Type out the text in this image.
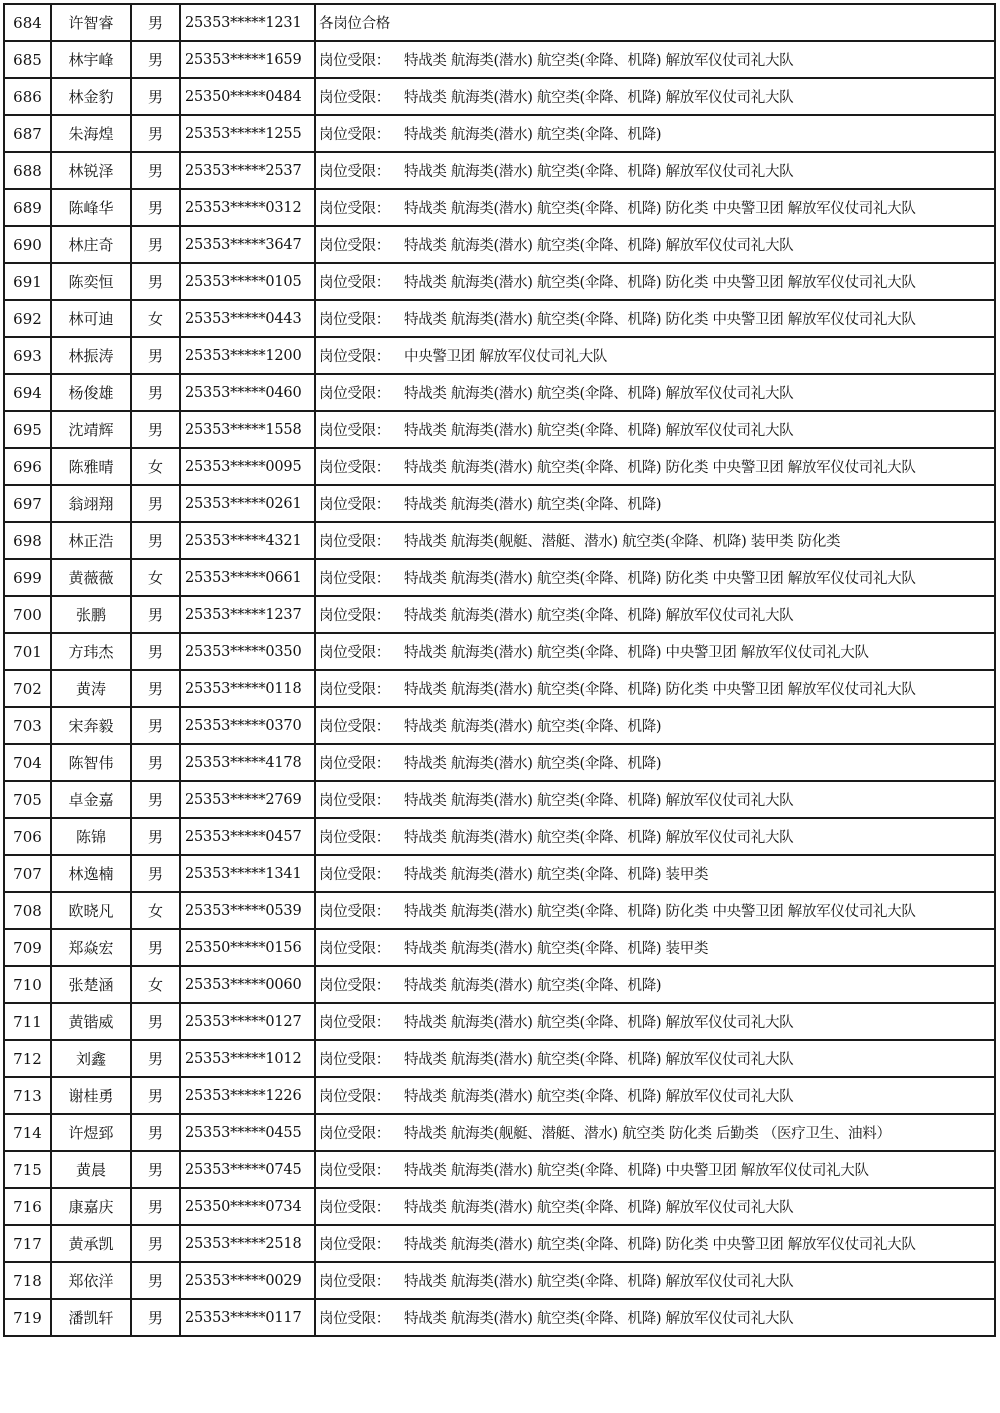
684	许智睿	男	25353*****1231	各岗位合格
685	林宇峰	男	25353*****1659	岗位受限： 特战类 航海类(潜水) 航空类(伞降、机降) 解放军仪仗司礼大队
686	林金豹	男	25350*****0484	岗位受限： 特战类 航海类(潜水) 航空类(伞降、机降) 解放军仪仗司礼大队
687	朱海煌	男	25353*****1255	岗位受限： 特战类 航海类(潜水) 航空类(伞降、机降)
688	林锐泽	男	25353*****2537	岗位受限： 特战类 航海类(潜水) 航空类(伞降、机降) 解放军仪仗司礼大队
689	陈峰华	男	25353*****0312	岗位受限： 特战类 航海类(潜水) 航空类(伞降、机降) 防化类 中央警卫团 解放军仪仗司礼大队
690	林庄奇	男	25353*****3647	岗位受限： 特战类 航海类(潜水) 航空类(伞降、机降) 解放军仪仗司礼大队
691	陈奕恒	男	25353*****0105	岗位受限： 特战类 航海类(潜水) 航空类(伞降、机降) 防化类 中央警卫团 解放军仪仗司礼大队
692	林可迪	女	25353*****0443	岗位受限： 特战类 航海类(潜水) 航空类(伞降、机降) 防化类 中央警卫团 解放军仪仗司礼大队
693	林振涛	男	25353*****1200	岗位受限： 中央警卫团 解放军仪仗司礼大队
694	杨俊雄	男	25353*****0460	岗位受限： 特战类 航海类(潜水) 航空类(伞降、机降) 解放军仪仗司礼大队
695	沈靖辉	男	25353*****1558	岗位受限： 特战类 航海类(潜水) 航空类(伞降、机降) 解放军仪仗司礼大队
696	陈雅晴	女	25353*****0095	岗位受限： 特战类 航海类(潜水) 航空类(伞降、机降) 防化类 中央警卫团 解放军仪仗司礼大队
697	翁翊翔	男	25353*****0261	岗位受限： 特战类 航海类(潜水) 航空类(伞降、机降)
698	林正浩	男	25353*****4321	岗位受限： 特战类 航海类(舰艇、潜艇、潜水) 航空类(伞降、机降) 装甲类 防化类
699	黄薇薇	女	25353*****0661	岗位受限： 特战类 航海类(潜水) 航空类(伞降、机降) 防化类 中央警卫团 解放军仪仗司礼大队
700	张鹏	男	25353*****1237	岗位受限： 特战类 航海类(潜水) 航空类(伞降、机降) 解放军仪仗司礼大队
701	方玮杰	男	25353*****0350	岗位受限： 特战类 航海类(潜水) 航空类(伞降、机降) 中央警卫团 解放军仪仗司礼大队
702	黄涛	男	25353*****0118	岗位受限： 特战类 航海类(潜水) 航空类(伞降、机降) 防化类 中央警卫团 解放军仪仗司礼大队
703	宋奔毅	男	25353*****0370	岗位受限： 特战类 航海类(潜水) 航空类(伞降、机降)
704	陈智伟	男	25353*****4178	岗位受限： 特战类 航海类(潜水) 航空类(伞降、机降)
705	卓金嘉	男	25353*****2769	岗位受限： 特战类 航海类(潜水) 航空类(伞降、机降) 解放军仪仗司礼大队
706	陈锦	男	25353*****0457	岗位受限： 特战类 航海类(潜水) 航空类(伞降、机降) 解放军仪仗司礼大队
707	林逸楠	男	25353*****1341	岗位受限： 特战类 航海类(潜水) 航空类(伞降、机降) 装甲类
708	欧晓凡	女	25353*****0539	岗位受限： 特战类 航海类(潜水) 航空类(伞降、机降) 防化类 中央警卫团 解放军仪仗司礼大队
709	郑焱宏	男	25350*****0156	岗位受限： 特战类 航海类(潜水) 航空类(伞降、机降) 装甲类
710	张楚涵	女	25353*****0060	岗位受限： 特战类 航海类(潜水) 航空类(伞降、机降)
711	黄锴威	男	25353*****0127	岗位受限： 特战类 航海类(潜水) 航空类(伞降、机降) 解放军仪仗司礼大队
712	刘鑫	男	25353*****1012	岗位受限： 特战类 航海类(潜水) 航空类(伞降、机降) 解放军仪仗司礼大队
713	谢桂勇	男	25353*****1226	岗位受限： 特战类 航海类(潜水) 航空类(伞降、机降) 解放军仪仗司礼大队
714	许煜郅	男	25353*****0455	岗位受限： 特战类 航海类(舰艇、潜艇、潜水) 航空类 防化类 后勤类 （医疗卫生、油料）
715	黄晨	男	25353*****0745	岗位受限： 特战类 航海类(潜水) 航空类(伞降、机降) 中央警卫团 解放军仪仗司礼大队
716	康嘉庆	男	25350*****0734	岗位受限： 特战类 航海类(潜水) 航空类(伞降、机降) 解放军仪仗司礼大队
717	黄承凯	男	25353*****2518	岗位受限： 特战类 航海类(潜水) 航空类(伞降、机降) 防化类 中央警卫团 解放军仪仗司礼大队
718	郑依洋	男	25353*****0029	岗位受限： 特战类 航海类(潜水) 航空类(伞降、机降) 解放军仪仗司礼大队
719	潘凯轩	男	25353*****0117	岗位受限： 特战类 航海类(潜水) 航空类(伞降、机降) 解放军仪仗司礼大队
